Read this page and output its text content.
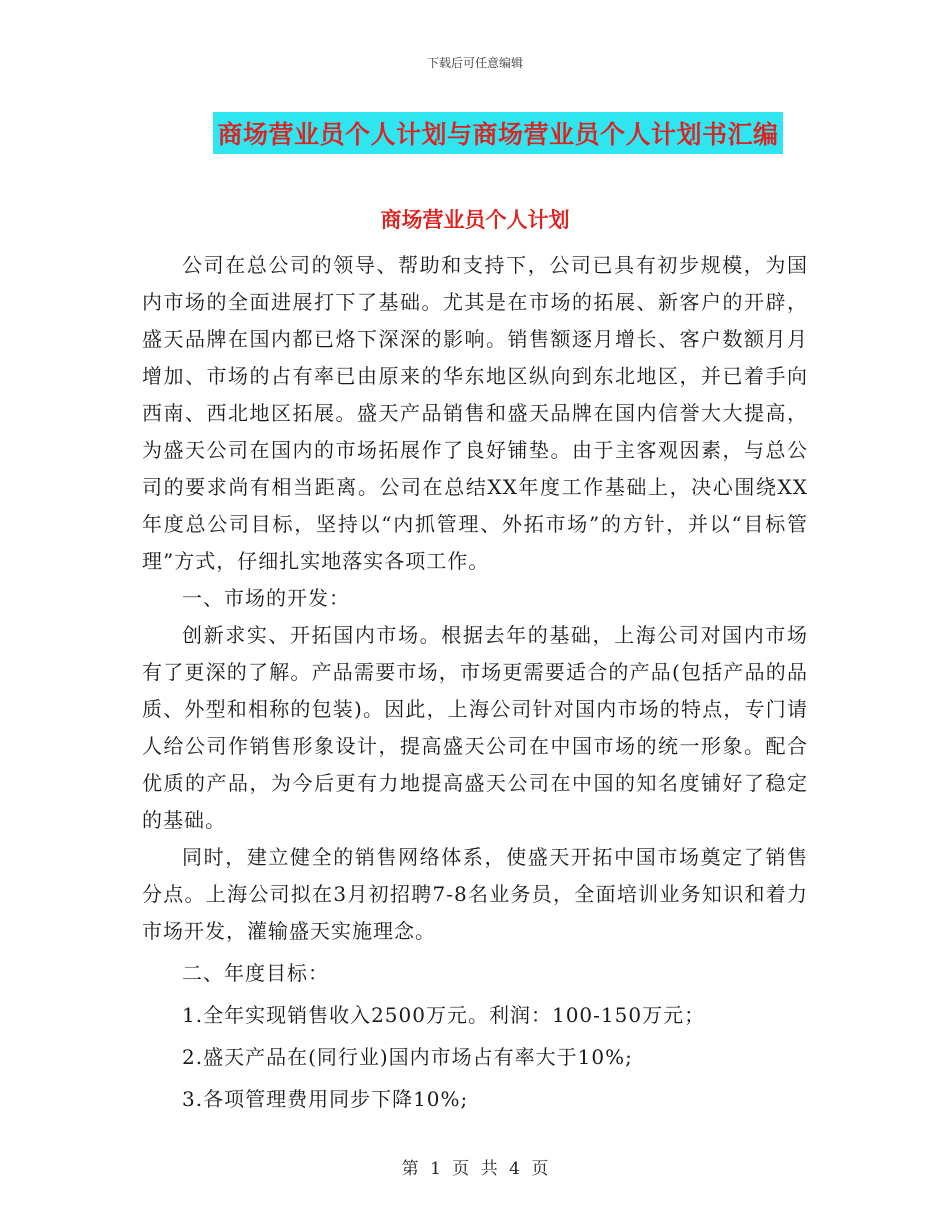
下载后可任意编辑
商场营业员个人计划与商场营业员个人计划书汇编
商场营业员个人计划

公司在总公司的领导、帮助和支持下，公司已具有初步规模，为国内市场的全面进展打下了基础。尤其是在市场的拓展、新客户的开辟，盛天品牌在国内都已烙下深深的影响。销售额逐月增长、客户数额月月增加、市场的占有率已由原来的华东地区纵向到东北地区，并已着手向西南、西北地区拓展。盛天产品销售和盛天品牌在国内信誉大大提高，为盛天公司在国内的市场拓展作了良好铺垫。由于主客观因素，与总公司的要求尚有相当距离。公司在总结XX年度工作基础上，决心围绕XX年度总公司目标，坚持以“内抓管理、外拓市场”的方针，并以“目标管理”方式，仔细扎实地落实各项工作。

一、市场的开发：

创新求实、开拓国内市场。根据去年的基础，上海公司对国内市场有了更深的了解。产品需要市场，市场更需要适合的产品(包括产品的品质、外型和相称的包装)。因此，上海公司针对国内市场的特点，专门请人给公司作销售形象设计，提高盛天公司在中国市场的统一形象。配合优质的产品，为今后更有力地提高盛天公司在中国的知名度铺好了稳定的基础。

同时，建立健全的销售网络体系，使盛天开拓中国市场奠定了销售分点。上海公司拟在3月初招聘7-8名业务员，全面培训业务知识和着力市场开发，灌输盛天实施理念。

二、年度目标：

1.全年实现销售收入2500万元。利润：100-150万元；

2.盛天产品在(同行业)国内市场占有率大于10%;

3.各项管理费用同步下降10%;

第 1 页 共 4 页
